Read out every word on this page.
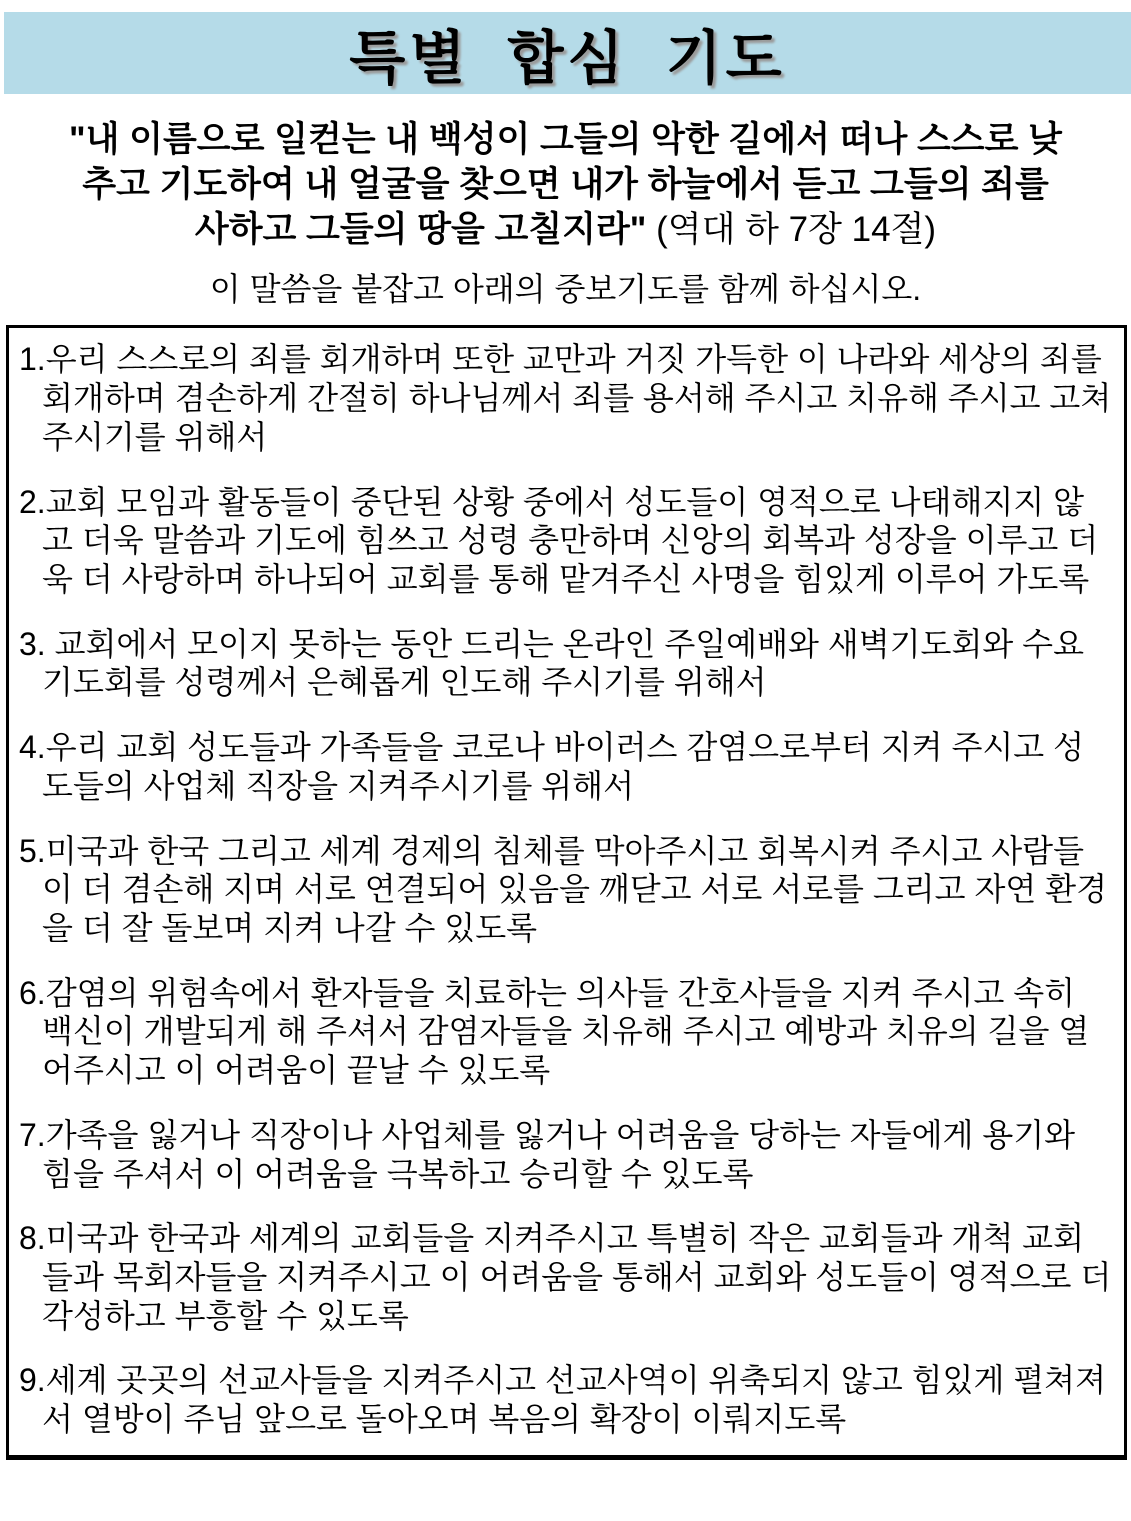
특별 합심 기도

"내 이름으로 일컫는 내 백성이 그들의 악한 길에서 떠나 스스로 낮추고 기도하여 내 얼굴을 찾으면 내가 하늘에서 듣고 그들의 죄를 사하고 그들의 땅을 고칠지라" (역대 하 7장 14절)

이 말씀을 붙잡고 아래의 중보기도를 함께 하십시오.

1.우리 스스로의 죄를 회개하며 또한 교만과 거짓 가득한 이 나라와 세상의 죄를 회개하며 겸손하게 간절히 하나님께서 죄를 용서해 주시고 치유해 주시고 고쳐 주시기를 위해서
2.교회 모임과 활동들이 중단된 상황 중에서 성도들이 영적으로 나태해지지 않고 더욱 말씀과 기도에 힘쓰고 성령 충만하며 신앙의 회복과 성장을 이루고 더욱 더 사랑하며 하나되어 교회를 통해 맡겨주신 사명을 힘있게 이루어 가도록
3. 교회에서 모이지 못하는 동안 드리는 온라인 주일예배와 새벽기도회와 수요기도회를 성령께서 은혜롭게 인도해 주시기를 위해서
4.우리 교회 성도들과 가족들을 코로나 바이러스 감염으로부터 지켜 주시고 성도들의 사업체 직장을 지켜주시기를 위해서
5.미국과 한국 그리고 세계 경제의 침체를 막아주시고 회복시켜 주시고 사람들이 더 겸손해 지며 서로 연결되어 있음을 깨닫고 서로 서로를 그리고 자연 환경을 더 잘 돌보며 지켜 나갈 수 있도록
6.감염의 위험속에서 환자들을 치료하는 의사들 간호사들을 지켜 주시고 속히 백신이 개발되게 해 주셔서 감염자들을 치유해 주시고 예방과 치유의 길을 열어주시고 이 어려움이 끝날 수 있도록
7.가족을 잃거나 직장이나 사업체를 잃거나 어려움을 당하는 자들에게 용기와 힘을 주셔서 이 어려움을 극복하고 승리할 수 있도록
8.미국과 한국과 세계의 교회들을 지켜주시고 특별히 작은 교회들과 개척 교회들과 목회자들을 지켜주시고 이 어려움을 통해서 교회와 성도들이 영적으로 더 각성하고 부흥할 수 있도록
9.세계 곳곳의 선교사들을 지켜주시고 선교사역이 위축되지 않고 힘있게 펼쳐져서 열방이 주님 앞으로 돌아오며 복음의 확장이 이뤄지도록
